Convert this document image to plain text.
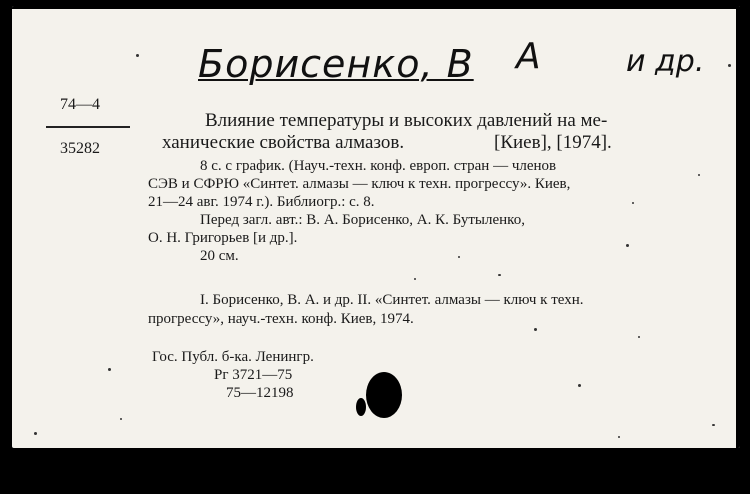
Борисенко, В А	и др.
74—4
35282
Влияние температуры и высоких давлений на ме-
ханические свойства алмазов.	[Киев], [1974].
8 с. с график. (Науч.-техн. конф. европ. стран — членов
СЭВ и СФРЮ «Синтет. алмазы — ключ к техн. прогрессу». Киев,
21—24 авг. 1974 г.). Библиогр.: с. 8.
Перед загл. авт.: В. А. Борисенко, А. К. Бутыленко,
О. Н. Григорьев [и др.].
20 см.
I. Борисенко, В. А. и др. II. «Синтет. алмазы — ключ к техн.
прогрессу», науч.-техн. конф. Киев, 1974.
Гос. Публ. б-ка. Ленингр.
Рг 3721—75
75—12198
